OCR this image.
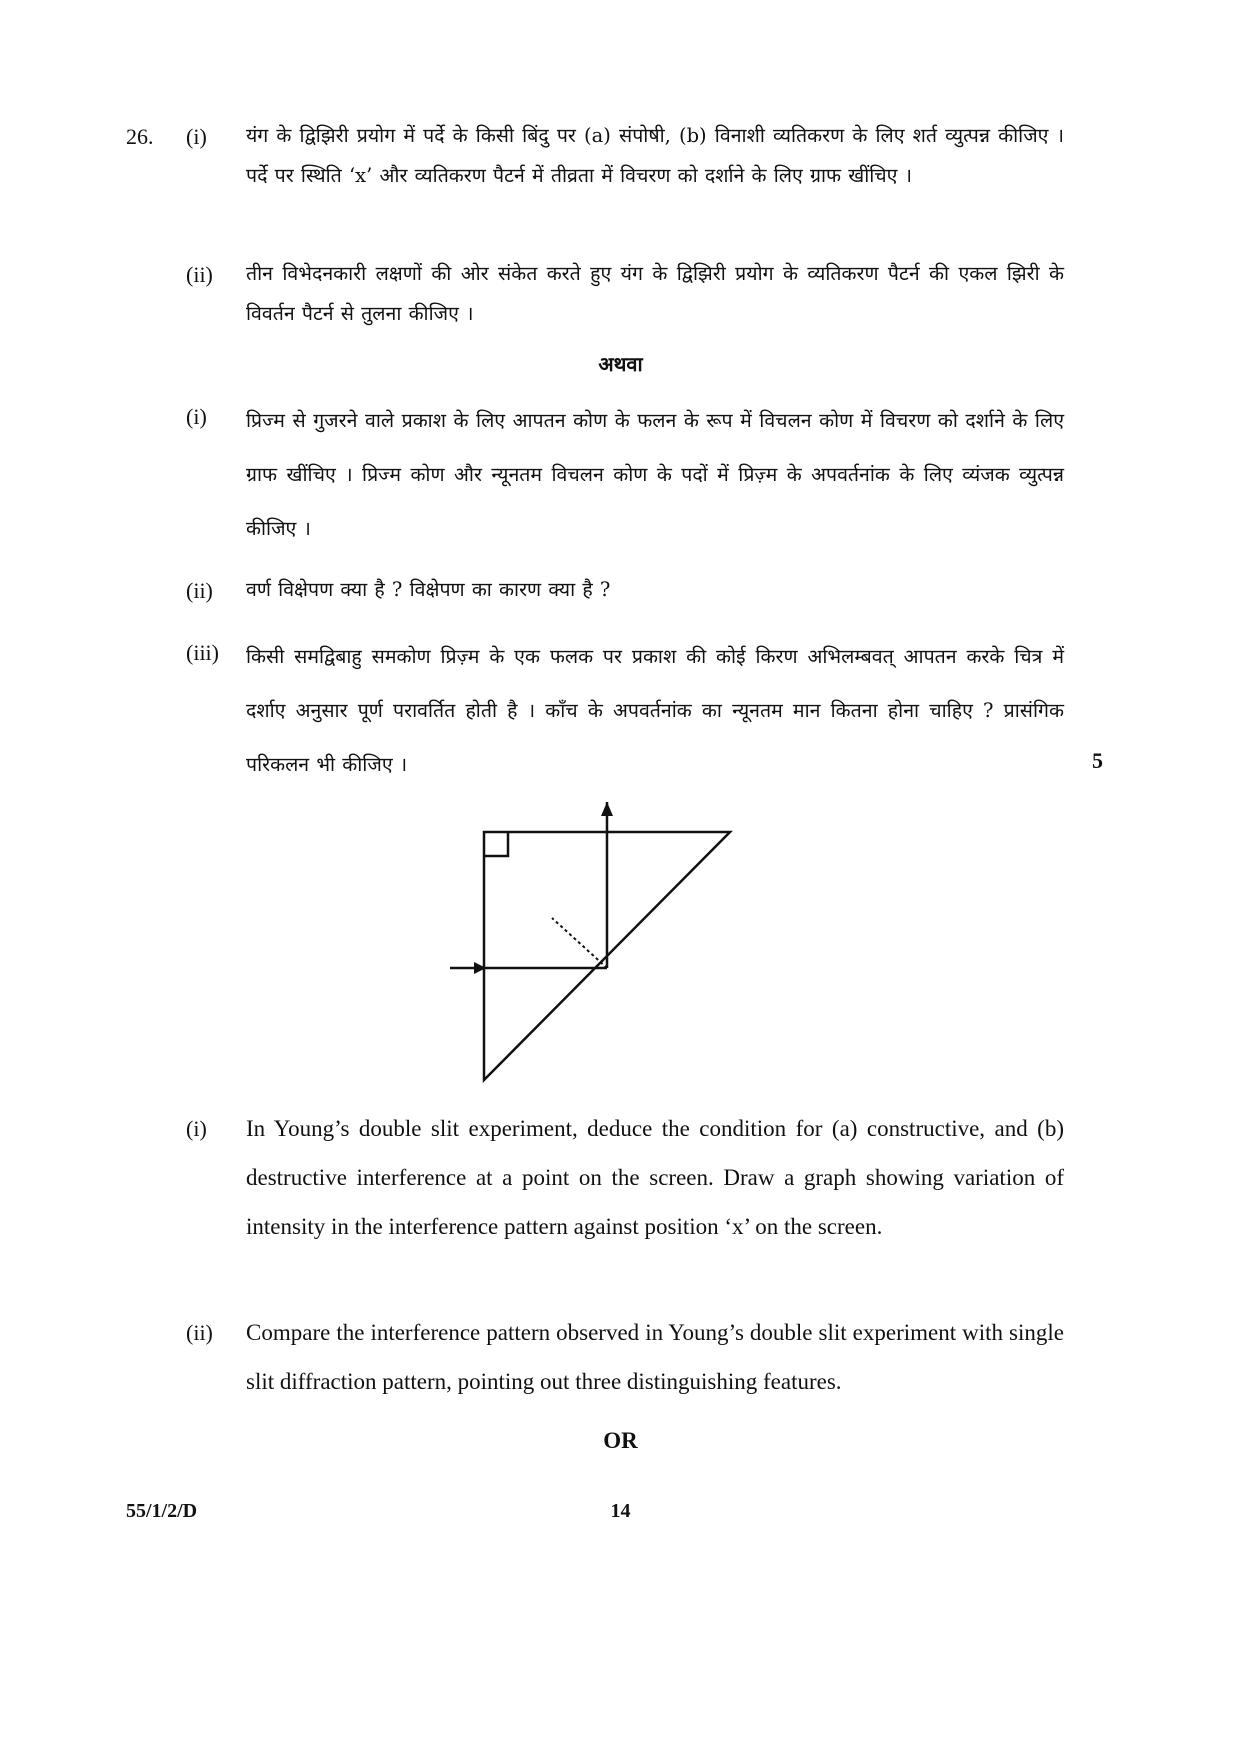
26. (i) यंग के द्विझिरी प्रयोग में पर्दे के किसी बिंदु पर (a) संपोषी, (b) विनाशी व्यतिकरण के लिए शर्त व्युत्पन्न कीजिए । पर्दे पर स्थिति ‘x’ और व्यतिकरण पैटर्न में तीव्रता में विचरण को दर्शाने के लिए ग्राफ खींचिए ।
(ii) तीन विभेदनकारी लक्षणों की ओर संकेत करते हुए यंग के द्विझिरी प्रयोग के व्यतिकरण पैटर्न की एकल झिरी के विवर्तन पैटर्न से तुलना कीजिए ।
अथवा
(i) प्रिज्म से गुजरने वाले प्रकाश के लिए आपतन कोण के फलन के रूप में विचलन कोण में विचरण को दर्शाने के लिए ग्राफ खींचिए । प्रिज्म कोण और न्यूनतम विचलन कोण के पदों में प्रिज़्म के अपवर्तनांक के लिए व्यंजक व्युत्पन्न कीजिए ।
(ii) वर्ण विक्षेपण क्या है ? विक्षेपण का कारण क्या है ?
(iii) किसी समद्विबाहु समकोण प्रिज़्म के एक फलक पर प्रकाश की कोई किरण अभिलम्बवत् आपतन करके चित्र में दर्शाए अनुसार पूर्ण परावर्तित होती है । काँच के अपवर्तनांक का न्यूनतम मान कितना होना चाहिए ? प्रासंगिक परिकलन भी कीजिए ।	5
(i) In Young’s double slit experiment, deduce the condition for (a) constructive, and (b) destructive interference at a point on the screen. Draw a graph showing variation of intensity in the interference pattern against position ‘x’ on the screen.
(ii) Compare the interference pattern observed in Young’s double slit experiment with single slit diffraction pattern, pointing out three distinguishing features.
OR
55/1/2/D	14
